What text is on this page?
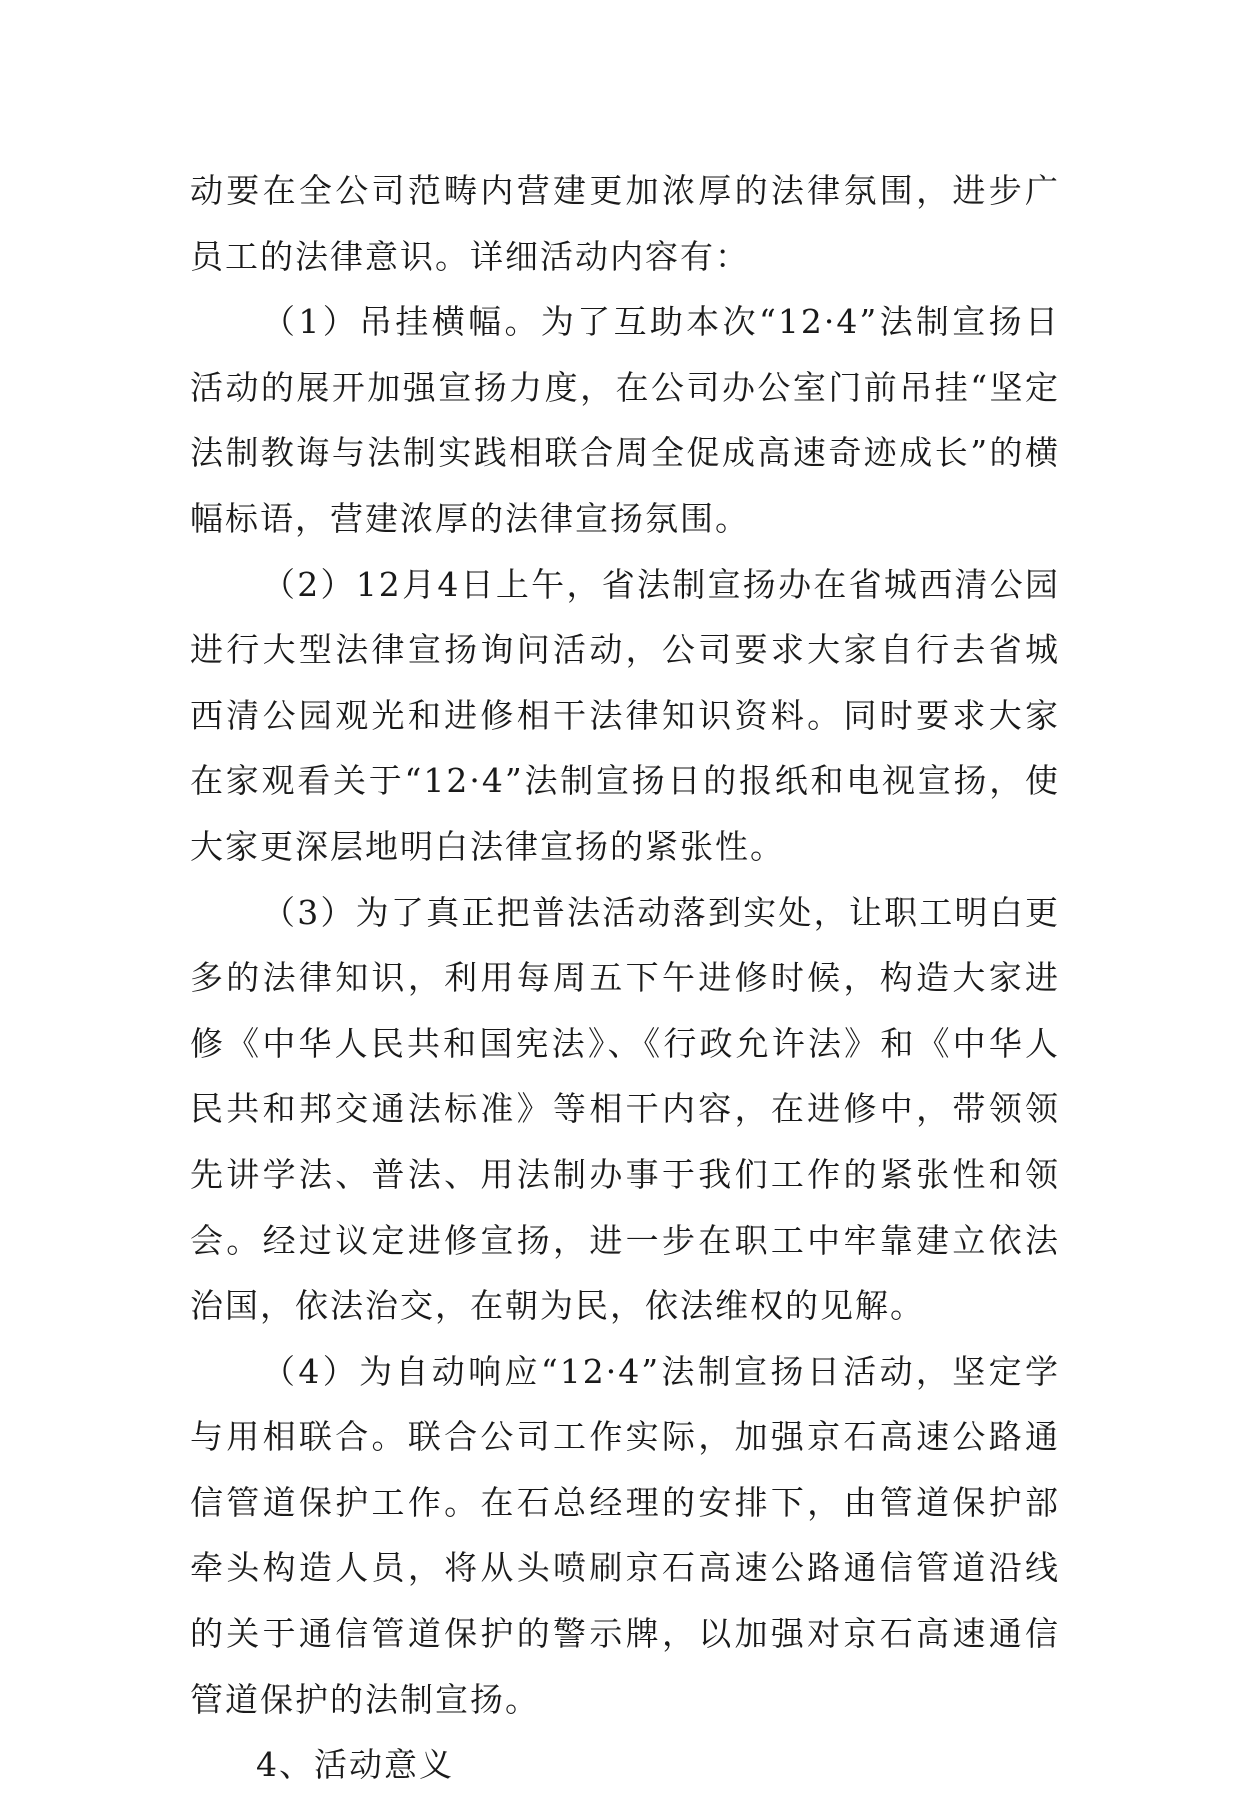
动要在全公司范畴内营建更加浓厚的法律氛围，进步广员工的法律意识。详细活动内容有：

（1）吊挂横幅。为了互助本次“12·4”法制宣扬日活动的展开加强宣扬力度，在公司办公室门前吊挂“坚定法制教诲与法制实践相联合周全促成高速奇迹成长”的横幅标语，营建浓厚的法律宣扬氛围。

（2）12月4日上午，省法制宣扬办在省城西清公园进行大型法律宣扬询问活动，公司要求大家自行去省城西清公园观光和进修相干法律知识资料。同时要求大家在家观看关于“12·4”法制宣扬日的报纸和电视宣扬，使大家更深层地明白法律宣扬的紧张性。

（3）为了真正把普法活动落到实处，让职工明白更多的法律知识，利用每周五下午进修时候，构造大家进修《中华人民共和国宪法》、《行政允许法》和《中华人民共和邦交通法标准》等相干内容，在进修中，带领领先讲学法、普法、用法制办事于我们工作的紧张性和领会。经过议定进修宣扬，进一步在职工中牢靠建立依法治国，依法治交，在朝为民，依法维权的见解。

（4）为自动响应“12·4”法制宣扬日活动，坚定学与用相联合。联合公司工作实际，加强京石高速公路通信管道保护工作。在石总经理的安排下，由管道保护部牵头构造人员，将从头喷刷京石高速公路通信管道沿线的关于通信管道保护的警示牌，以加强对京石高速通信管道保护的法制宣扬。

4、活动意义
